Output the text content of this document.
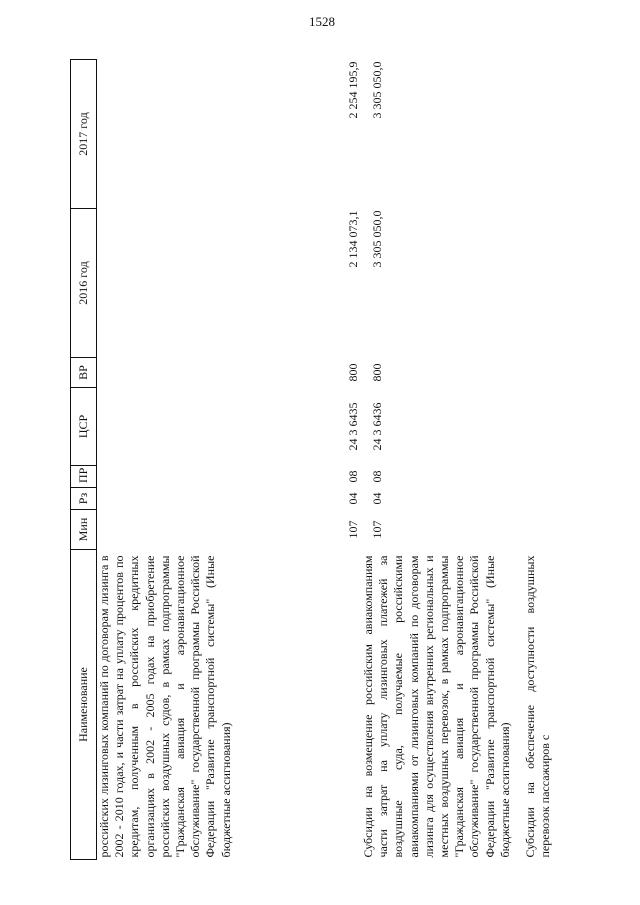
1528
Наименование	Мин	Рз	ПР	ЦСР	ВР	2016 год	2017 год

российских лизинговых компаний по договорам лизинга в 2002 - 2010 годах, и части затрат на уплату процентов по кредитам, полученным в российских кредитных организациях в 2002 - 2005 годах на приобретение российских воздушных судов, в рамках подпрограммы "Гражданская авиация и аэронавигационное обслуживание" государственной программы Российской Федерации "Развитие транспортной системы" (Иные бюджетные ассигнования)	107	04	08	24 3 6435	800	2 134 073,1	2 254 195,9

Субсидии на возмещение российским авиакомпаниям части затрат на уплату лизинговых платежей за воздушные суда, получаемые российскими авиакомпаниями от лизинговых компаний по договорам лизинга для осуществления внутренних региональных и местных воздушных перевозок, в рамках подпрограммы "Гражданская авиация и аэронавигационное обслуживание" государственной программы Российской Федерации "Развитие транспортной системы" (Иные бюджетные ассигнования)	107	04	08	24 3 6436	800	3 305 050,0	3 305 050,0

Субсидии на обеспечение доступности воздушных перевозок пассажиров с							
